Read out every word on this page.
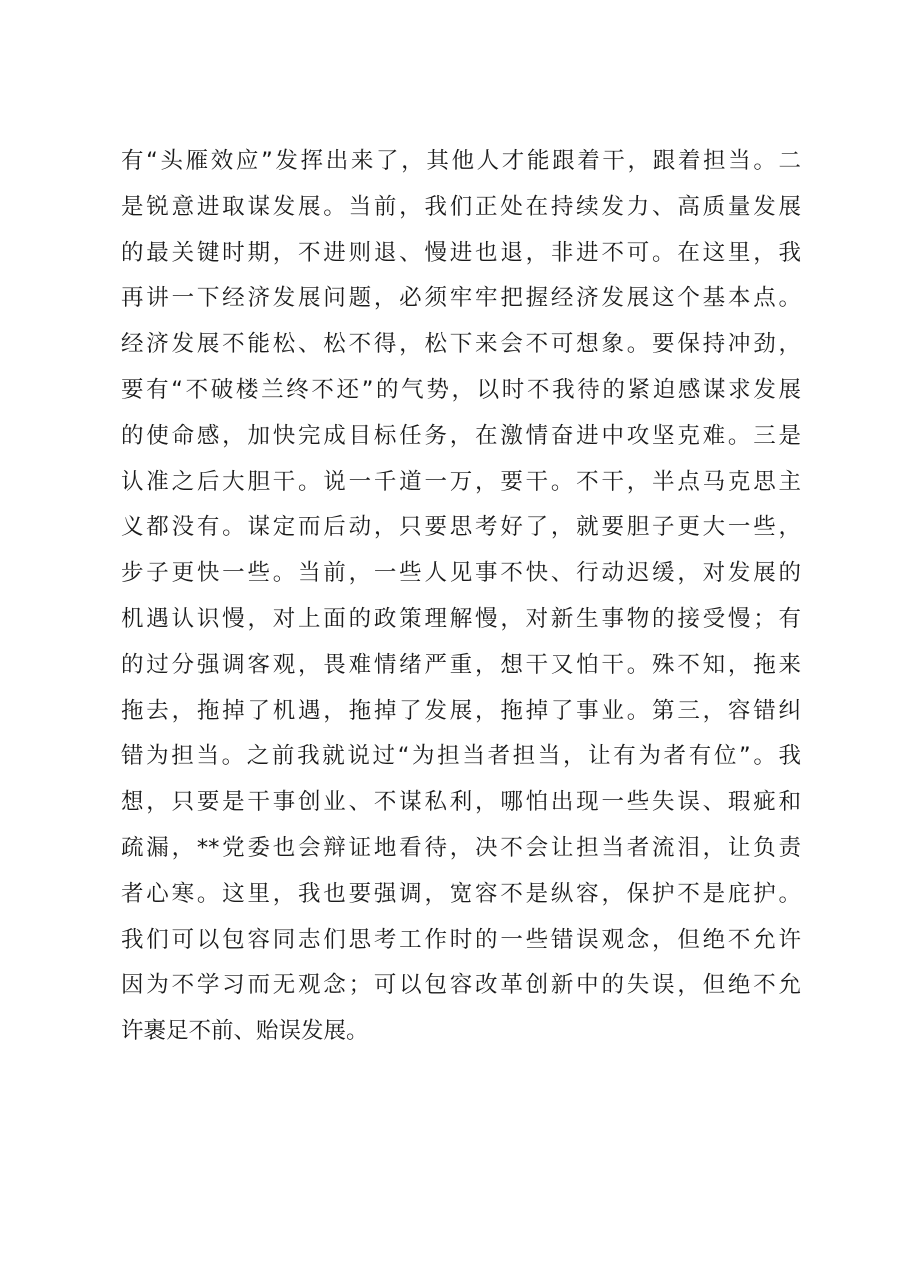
有“头雁效应”发挥出来了，其他人才能跟着干，跟着担当。二
是锐意进取谋发展。当前，我们正处在持续发力、高质量发展
的最关键时期，不进则退、慢进也退，非进不可。在这里，我
再讲一下经济发展问题，必须牢牢把握经济发展这个基本点。
经济发展不能松、松不得，松下来会不可想象。要保持冲劲，
要有“不破楼兰终不还”的气势，以时不我待的紧迫感谋求发展
的使命感，加快完成目标任务，在激情奋进中攻坚克难。三是
认准之后大胆干。说一千道一万，要干。不干，半点马克思主
义都没有。谋定而后动，只要思考好了，就要胆子更大一些，
步子更快一些。当前，一些人见事不快、行动迟缓，对发展的
机遇认识慢，对上面的政策理解慢，对新生事物的接受慢；有
的过分强调客观，畏难情绪严重，想干又怕干。殊不知，拖来
拖去，拖掉了机遇，拖掉了发展，拖掉了事业。第三，容错纠
错为担当。之前我就说过“为担当者担当，让有为者有位”。我
想，只要是干事创业、不谋私利，哪怕出现一些失误、瑕疵和
疏漏，**党委也会辩证地看待，决不会让担当者流泪，让负责
者心寒。这里，我也要强调，宽容不是纵容，保护不是庇护。
我们可以包容同志们思考工作时的一些错误观念，但绝不允许
因为不学习而无观念；可以包容改革创新中的失误，但绝不允
许裹足不前、贻误发展。
